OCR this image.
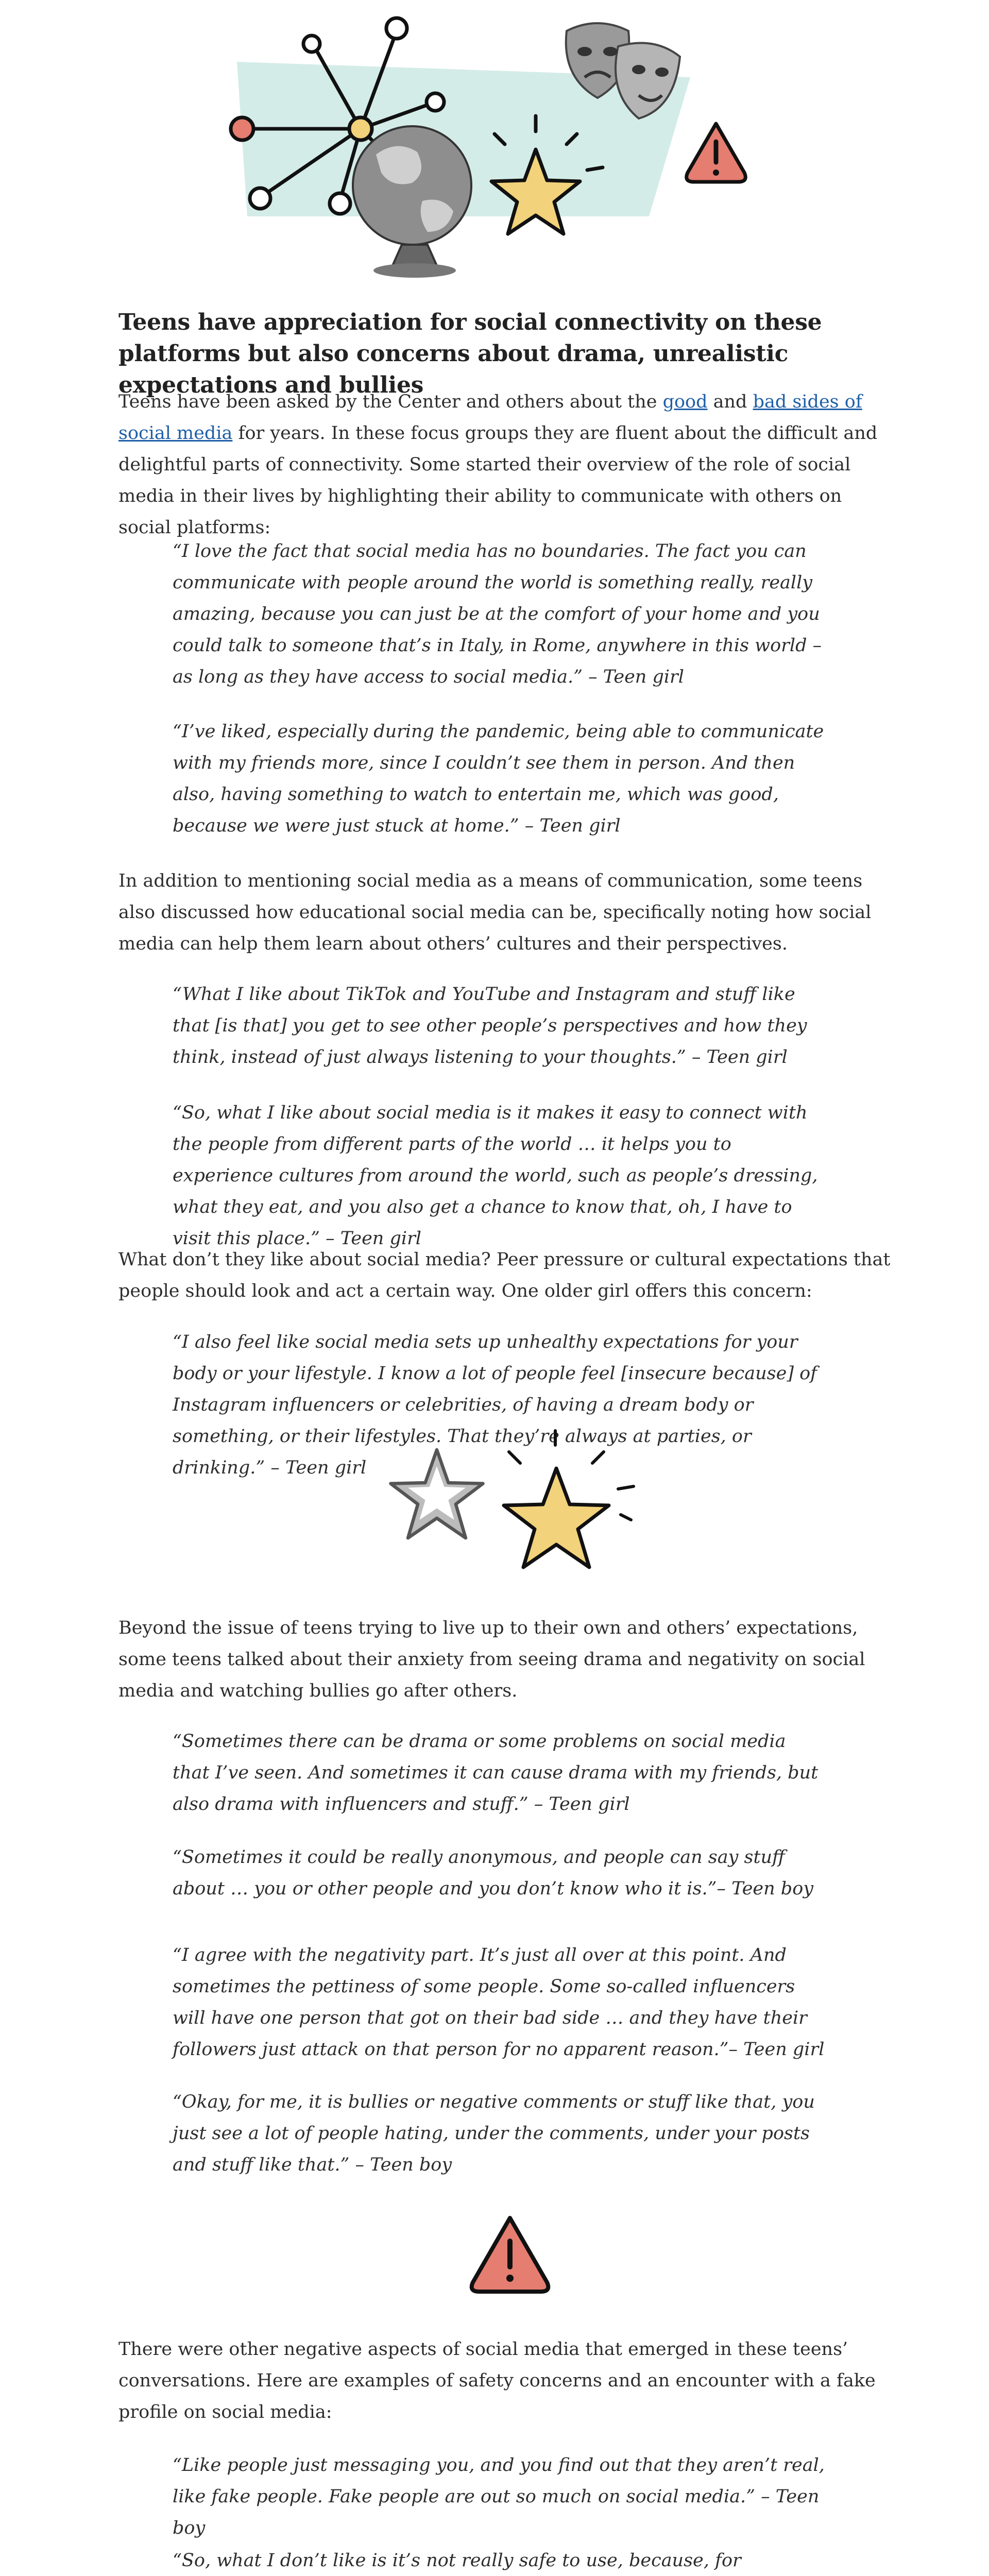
Teens have appreciation for social connectivity on these platforms but also concerns about drama, unrealistic expectations and bullies

Teens have been asked by the Center and others about the good and bad sides of social media for years. In these focus groups they are fluent about the difficult and delightful parts of connectivity. Some started their overview of the role of social media in their lives by highlighting their ability to communicate with others on social platforms:

“I love the fact that social media has no boundaries. The fact you can communicate with people around the world is something really, really amazing, because you can just be at the comfort of your home and you could talk to someone that’s in Italy, in Rome, anywhere in this world – as long as they have access to social media.” – Teen girl

“I’ve liked, especially during the pandemic, being able to communicate with my friends more, since I couldn’t see them in person. And then also, having something to watch to entertain me, which was good, because we were just stuck at home.” – Teen girl

In addition to mentioning social media as a means of communication, some teens also discussed how educational social media can be, specifically noting how social media can help them learn about others’ cultures and their perspectives.

“What I like about TikTok and YouTube and Instagram and stuff like that [is that] you get to see other people’s perspectives and how they think, instead of just always listening to your thoughts.” – Teen girl

“So, what I like about social media is it makes it easy to connect with the people from different parts of the world … it helps you to experience cultures from around the world, such as people’s dressing, what they eat, and you also get a chance to know that, oh, I have to visit this place.” – Teen girl

What don’t they like about social media? Peer pressure or cultural expectations that people should look and act a certain way. One older girl offers this concern:

“I also feel like social media sets up unhealthy expectations for your body or your lifestyle. I know a lot of people feel [insecure because] of Instagram influencers or celebrities, of having a dream body or something, or their lifestyles. That they’re always at parties, or drinking.” – Teen girl

Beyond the issue of teens trying to live up to their own and others’ expectations, some teens talked about their anxiety from seeing drama and negativity on social media and watching bullies go after others.

“Sometimes there can be drama or some problems on social media that I’ve seen. And sometimes it can cause drama with my friends, but also drama with influencers and stuff.” – Teen girl

“Sometimes it could be really anonymous, and people can say stuff about … you or other people and you don’t know who it is.”– Teen boy

“I agree with the negativity part. It’s just all over at this point. And sometimes the pettiness of some people. Some so-called influencers will have one person that got on their bad side … and they have their followers just attack on that person for no apparent reason.”– Teen girl

“Okay, for me, it is bullies or negative comments or stuff like that, you just see a lot of people hating, under the comments, under your posts and stuff like that.” – Teen boy

There were other negative aspects of social media that emerged in these teens’ conversations. Here are examples of safety concerns and an encounter with a fake profile on social media:

“Like people just messaging you, and you find out that they aren’t real, like fake people. Fake people are out so much on social media.” – Teen boy

“So, what I don’t like is it’s not really safe to use, because, for
